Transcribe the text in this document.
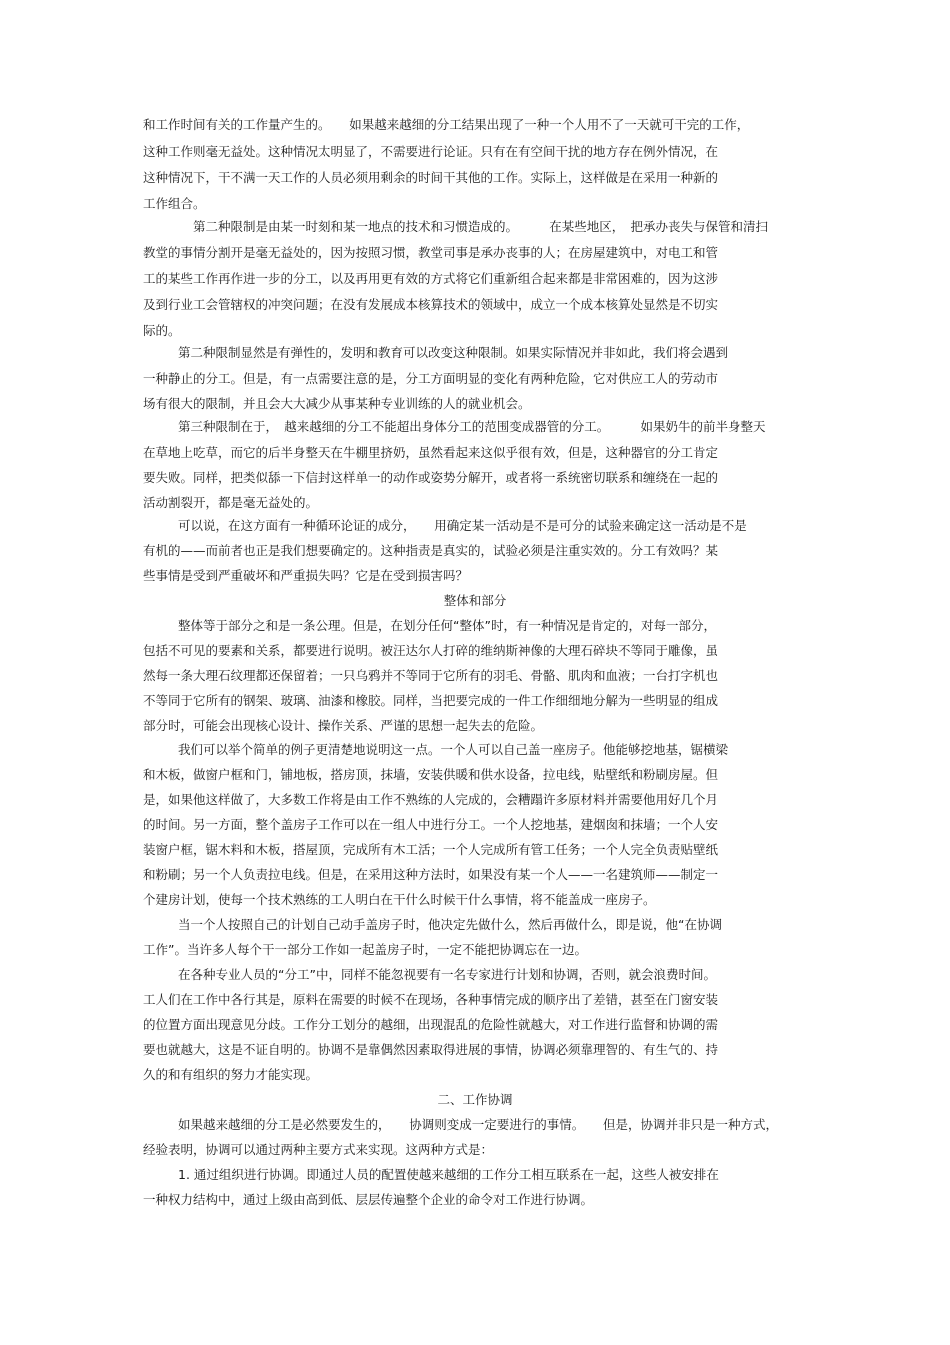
和工作时间有关的工作量产生的。　　如果越来越细的分工结果出现了一种一个人用不了一天就可干完的工作，
这种工作则毫无益处。这种情况太明显了，不需要进行论证。只有在有空间干扰的地方存在例外情况，在
这种情况下，干不满一天工作的人员必须用剩余的时间干其他的工作。实际上，这样做是在采用一种新的
工作组合。
第二种限制是由某一时刻和某一地点的技术和习惯造成的。　　　在某些地区，　把承办丧失与保管和清扫
教堂的事情分割开是毫无益处的，因为按照习惯，教堂司事是承办丧事的人；在房屋建筑中，对电工和管
工的某些工作再作进一步的分工，以及再用更有效的方式将它们重新组合起来都是非常困难的，因为这涉
及到行业工会管辖权的冲突问题；在没有发展成本核算技术的领域中，成立一个成本核算处显然是不切实
际的。
第二种限制显然是有弹性的，发明和教育可以改变这种限制。如果实际情况并非如此，我们将会遇到
一种静止的分工。但是，有一点需要注意的是，分工方面明显的变化有两种危险，它对供应工人的劳动市
场有很大的限制，并且会大大减少从事某种专业训练的人的就业机会。
第三种限制在于，　越来越细的分工不能超出身体分工的范围变成器管的分工。　　　如果奶牛的前半身整天
在草地上吃草，而它的后半身整天在牛棚里挤奶，虽然看起来这似乎很有效，但是，这种器官的分工肯定
要失败。同样，把类似舔一下信封这样单一的动作或姿势分解开，或者将一系统密切联系和缠绕在一起的
活动割裂开，都是毫无益处的。
可以说，在这方面有一种循环论证的成分，　　用确定某一活动是不是可分的试验来确定这一活动是不是
有机的——而前者也正是我们想要确定的。这种指责是真实的，试验必须是注重实效的。分工有效吗？某
些事情是受到严重破坏和严重损失吗？它是在受到损害吗？
整体和部分
整体等于部分之和是一条公理。但是，在划分任何“整体”时，有一种情况是肯定的，对每一部分，
包括不可见的要素和关系，都要进行说明。被汪达尔人打碎的维纳斯神像的大理石碎块不等同于雕像，虽
然每一条大理石纹理都还保留着；一只乌鸦并不等同于它所有的羽毛、骨骼、肌肉和血液；一台打字机也
不等同于它所有的钢架、玻璃、油漆和橡胶。同样，当把要完成的一件工作细细地分解为一些明显的组成
部分时，可能会出现核心设计、操作关系、严谨的思想一起失去的危险。
我们可以举个简单的例子更清楚地说明这一点。一个人可以自己盖一座房子。他能够挖地基，锯横梁
和木板，做窗户框和门，铺地板，搭房顶，抹墙，安装供暖和供水设备，拉电线，贴壁纸和粉刷房屋。但
是，如果他这样做了，大多数工作将是由工作不熟练的人完成的，会糟蹋许多原材料并需要他用好几个月
的时间。另一方面，整个盖房子工作可以在一组人中进行分工。一个人挖地基，建烟囱和抹墙；一个人安
装窗户框，锯木料和木板，搭屋顶，完成所有木工活；一个人完成所有管工任务；一个人完全负责贴壁纸
和粉刷；另一个人负责拉电线。但是，在采用这种方法时，如果没有某一个人——一名建筑师——制定一
个建房计划，使每一个技术熟练的工人明白在干什么时候干什么事情，将不能盖成一座房子。
当一个人按照自己的计划自己动手盖房子时，他决定先做什么，然后再做什么，即是说，他“在协调
工作”。当许多人每个干一部分工作如一起盖房子时，一定不能把协调忘在一边。
在各种专业人员的“分工”中，同样不能忽视要有一名专家进行计划和协调，否则，就会浪费时间。
工人们在工作中各行其是，原料在需要的时候不在现场，各种事情完成的顺序出了差错，甚至在门窗安装
的位置方面出现意见分歧。工作分工划分的越细，出现混乱的危险性就越大，对工作进行监督和协调的需
要也就越大，这是不证自明的。协调不是靠偶然因素取得进展的事情，协调必须靠理智的、有生气的、持
久的和有组织的努力才能实现。
二、工作协调
如果越来越细的分工是必然要发生的，　　协调则变成一定要进行的事情。　　但是，协调并非只是一种方式，
经验表明，协调可以通过两种主要方式来实现。这两种方式是：
1. 通过组织进行协调。即通过人员的配置使越来越细的工作分工相互联系在一起，这些人被安排在
一种权力结构中，通过上级由高到低、层层传遍整个企业的命令对工作进行协调。
